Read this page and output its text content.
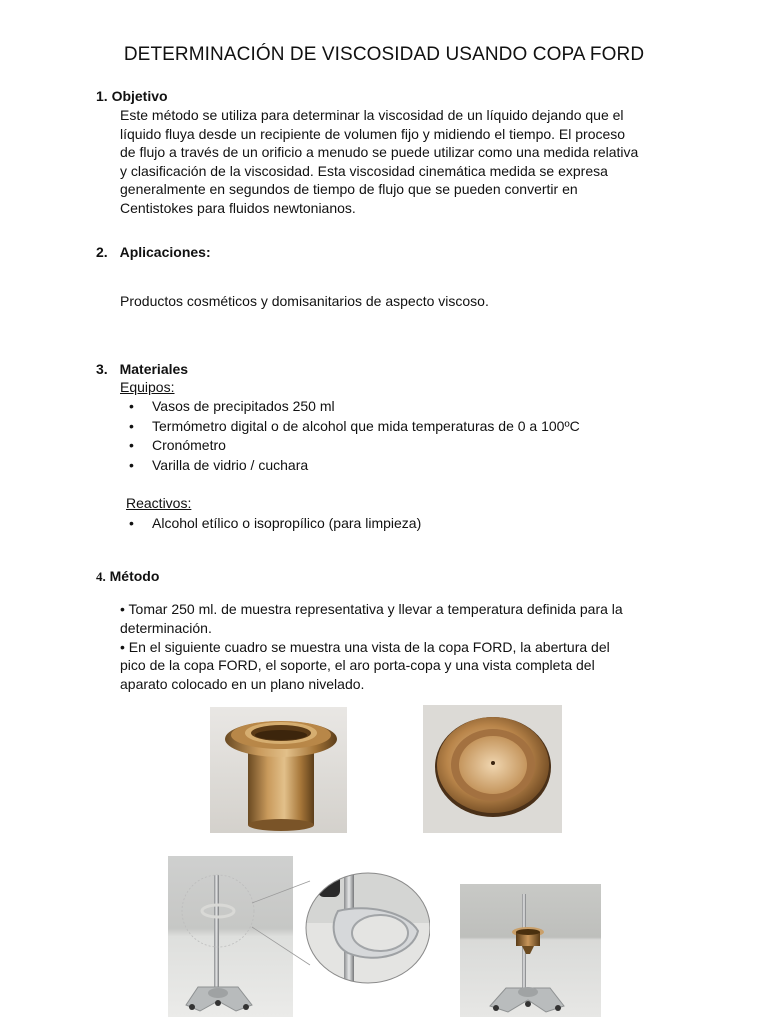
DETERMINACIÓN DE VISCOSIDAD USANDO COPA FORD
1. Objetivo
Este método se utiliza para determinar la viscosidad de un líquido dejando que el
líquido fluya desde un recipiente de volumen fijo y midiendo el tiempo. El proceso
de flujo a través de un orificio a menudo se puede utilizar como una medida relativa
y clasificación de la viscosidad. Esta viscosidad cinemática medida se expresa
generalmente en segundos de tiempo de flujo que se pueden convertir en
Centistokes para fluidos newtonianos.
2. Aplicaciones:
Productos cosméticos y domisanitarios de aspecto viscoso.
3. Materiales
Equipos:
• Vasos de precipitados 250 ml
• Termómetro digital o de alcohol que mida temperaturas de 0 a 100ºC
• Cronómetro
• Varilla de vidrio / cuchara
Reactivos:
• Alcohol etílico o isopropílico (para limpieza)
4. Método
• Tomar 250 ml. de muestra representativa y llevar a temperatura definida para la
determinación.
• En el siguiente cuadro se muestra una vista de la copa FORD, la abertura del
pico de la copa FORD, el soporte, el aro porta-copa y una vista completa del
aparato colocado en un plano nivelado.
